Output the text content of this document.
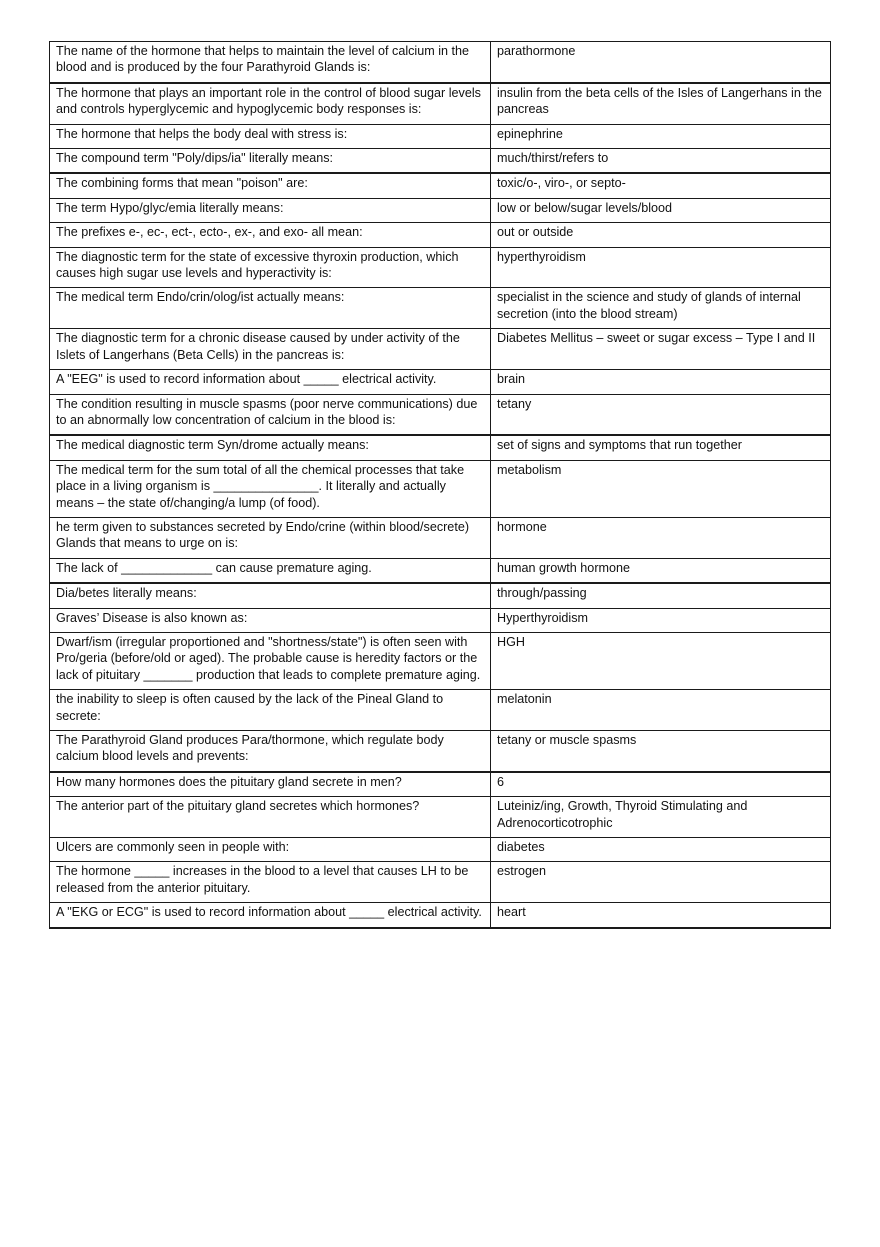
The name of the hormone that helps to maintain the level of calcium in the blood and is produced by the four Parathyroid Glands is:	parathormone
The hormone that plays an important role in the control of blood sugar levels and controls hyperglycemic and hypoglycemic body responses is:	insulin from the beta cells of the Isles of Langerhans in the pancreas
The hormone that helps the body deal with stress is:	epinephrine
The compound term "Poly/dips/ia" literally means:	much/thirst/refers to
The combining forms that mean "poison" are:	toxic/o-, viro-, or septo-
The term Hypo/glyc/emia literally means:	low or below/sugar levels/blood
The prefixes e-, ec-, ect-, ecto-, ex-, and exo- all mean:	out or outside
The diagnostic term for the state of excessive thyroxin production, which causes high sugar use levels and hyperactivity is:	hyperthyroidism
The medical term Endo/crin/olog/ist actually means:	specialist in the science and study of glands of internal secretion (into the blood stream)
The diagnostic term for a chronic disease caused by under activity of the Islets of Langerhans (Beta Cells) in the pancreas is:	Diabetes Mellitus – sweet or sugar excess – Type I and II
A "EEG" is used to record information about _____ electrical activity.	brain
The condition resulting in muscle spasms (poor nerve communications) due to an abnormally low concentration of calcium in the blood is:	tetany
The medical diagnostic term Syn/drome actually means:	set of signs and symptoms that run together
The medical term for the sum total of all the chemical processes that take place in a living organism is _______________. It literally and actually means – the state of/changing/a lump (of food).	metabolism
he term given to substances secreted by Endo/crine (within blood/secrete) Glands that means to urge on is:	hormone
The lack of _____________ can cause premature aging.	human growth hormone
Dia/betes literally means:	through/passing
Graves’ Disease is also known as:	Hyperthyroidism
Dwarf/ism (irregular proportioned and "shortness/state") is often seen with Pro/geria (before/old or aged). The probable cause is heredity factors or the lack of pituitary _______ production that leads to complete premature aging.	HGH
the inability to sleep is often caused by the lack of the Pineal Gland to secrete:	melatonin
The Parathyroid Gland produces Para/thormone, which regulate body calcium blood levels and prevents:	tetany or muscle spasms
How many hormones does the pituitary gland secrete in men?	6
The anterior part of the pituitary gland secretes which hormones?	Luteiniz/ing, Growth, Thyroid Stimulating and Adrenocorticotrophic
Ulcers are commonly seen in people with:	diabetes
The hormone _____ increases in the blood to a level that causes LH to be released from the anterior pituitary.	estrogen
A "EKG or ECG" is used to record information about _____ electrical activity.	heart
